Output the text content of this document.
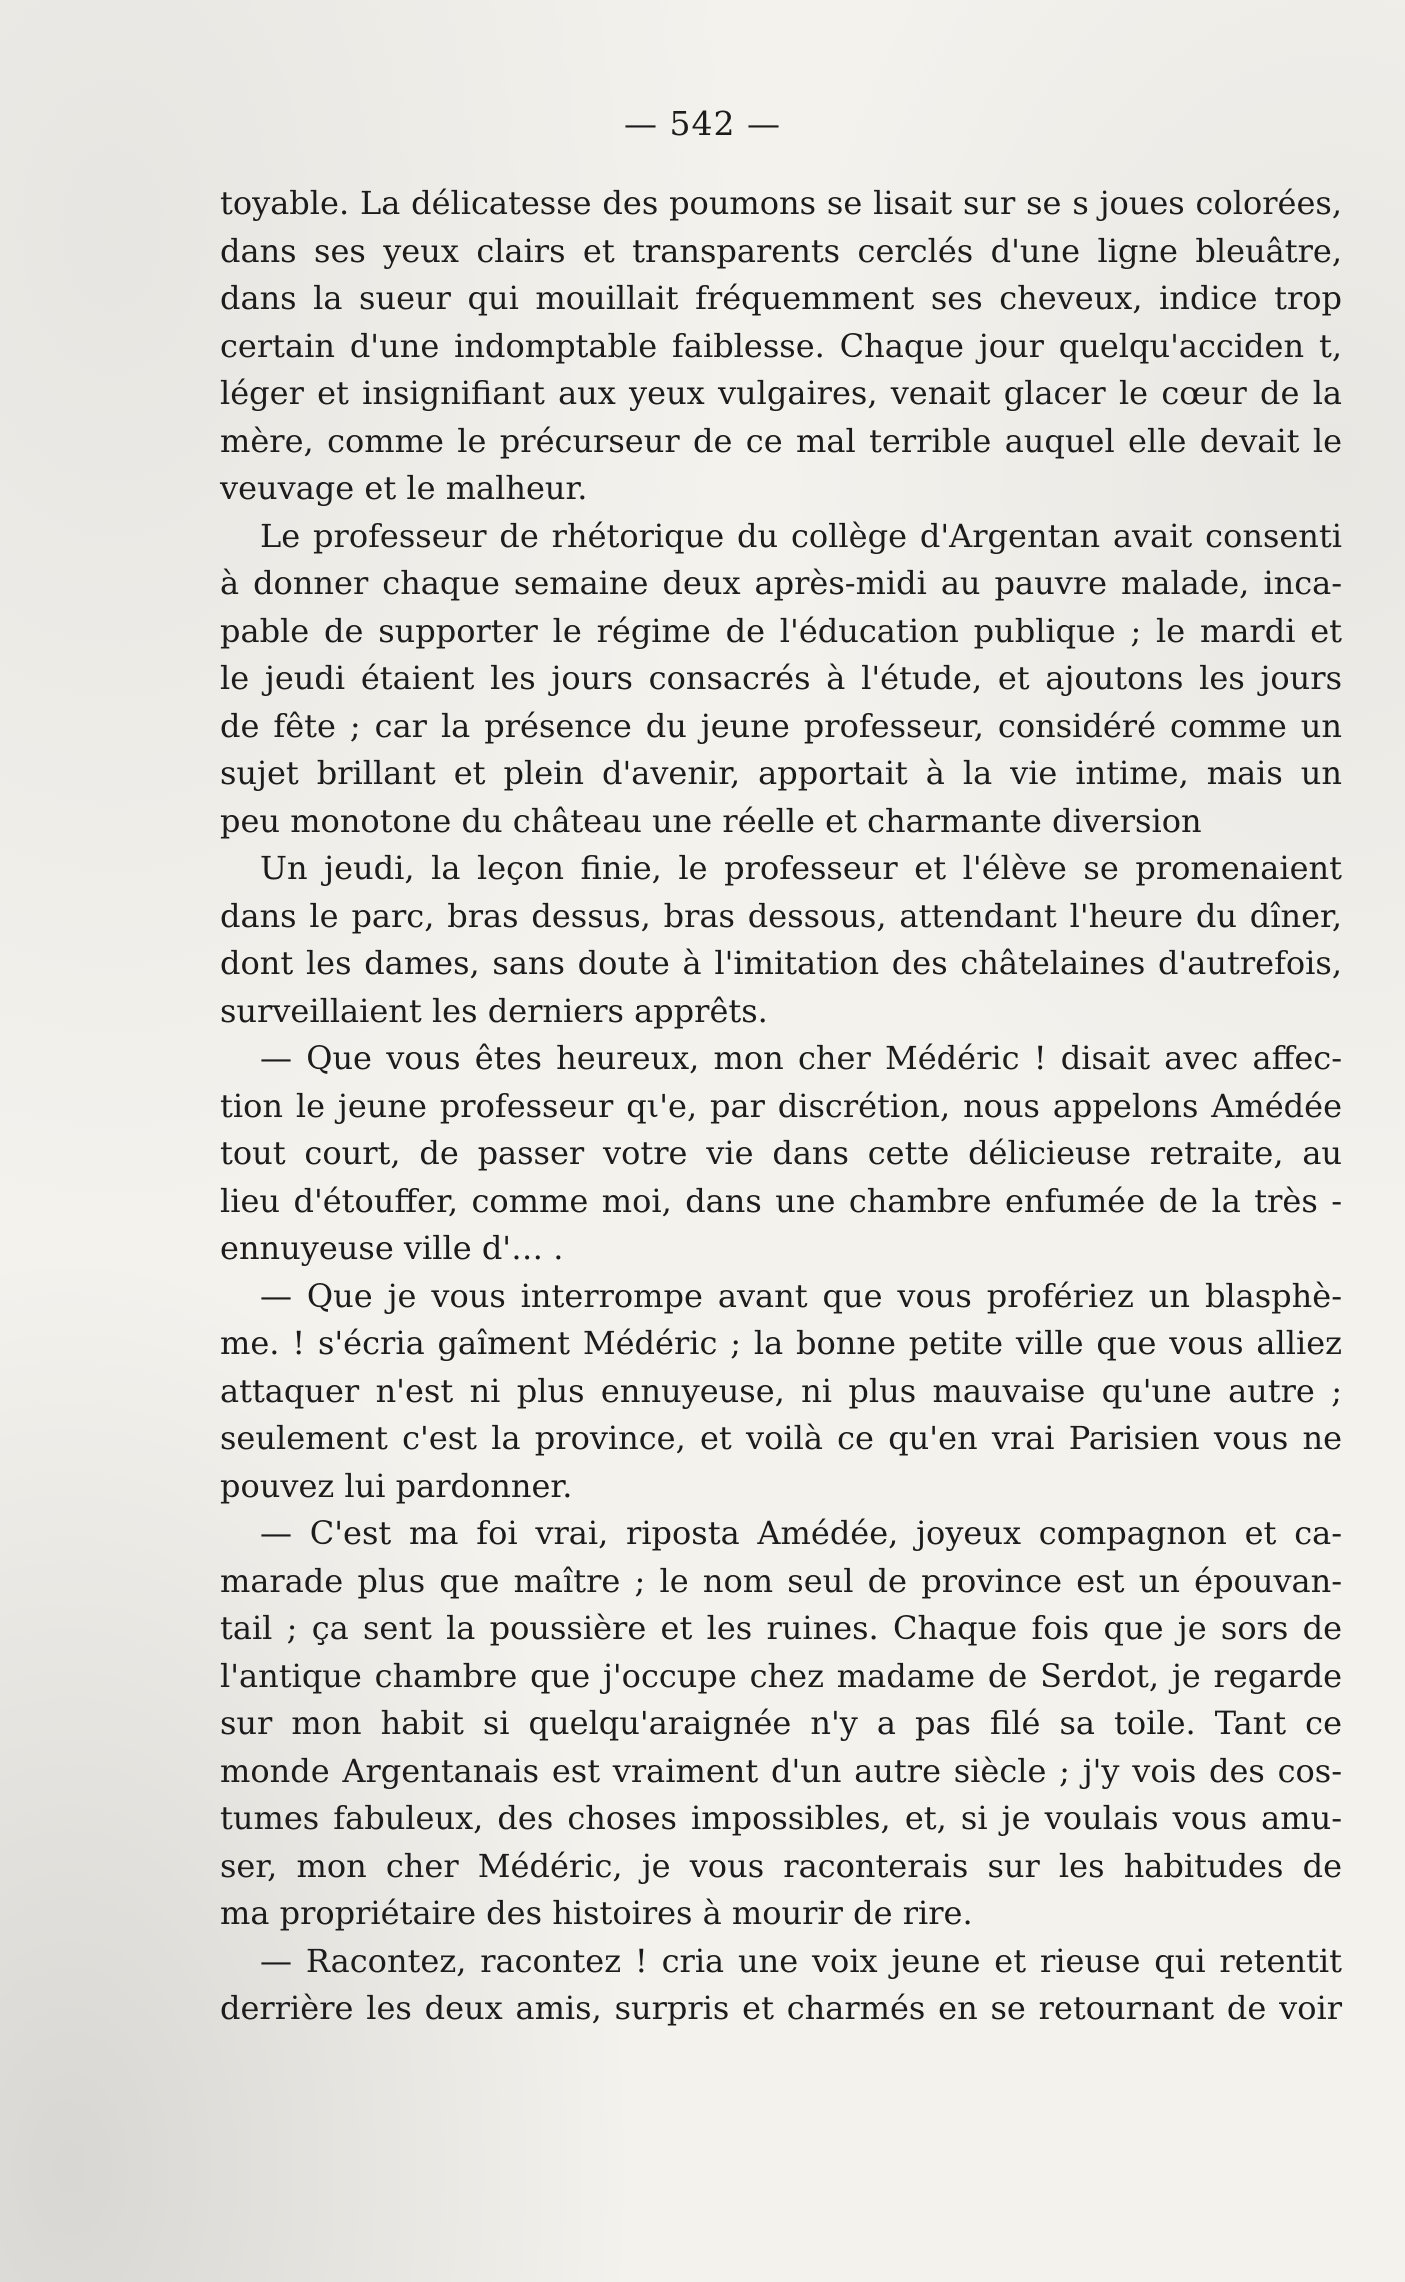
— 542 —
toyable. La délicatesse des poumons se lisait sur se s joues colorées,
dans ses yeux clairs et transparents cerclés d'une ligne bleuâtre,
dans la sueur qui mouillait fréquemment ses cheveux, indice trop
certain d'une indomptable faiblesse. Chaque jour quelqu'acciden t,
léger et insignifiant aux yeux vulgaires, venait glacer le cœur de la
mère, comme le précurseur de ce mal terrible auquel elle devait le
veuvage et le malheur.
Le professeur de rhétorique du collège d'Argentan avait consenti
à donner chaque semaine deux après-midi au pauvre malade, inca-
pable de supporter le régime de l'éducation publique ; le mardi et
le jeudi étaient les jours consacrés à l'étude, et ajoutons les jours
de fête ; car la présence du jeune professeur, considéré comme un
sujet brillant et plein d'avenir, apportait à la vie intime, mais un
peu monotone du château une réelle et charmante diversion
Un jeudi, la leçon finie, le professeur et l'élève se promenaient
dans le parc, bras dessus, bras dessous, attendant l'heure du dîner,
dont les dames, sans doute à l'imitation des châtelaines d'autrefois,
surveillaient les derniers apprêts.
— Que vous êtes heureux, mon cher Médéric ! disait avec affec-
tion le jeune professeur qι'e, par discrétion, nous appelons Amédée
tout court, de passer votre vie dans cette délicieuse retraite, au
lieu d'étouffer, comme moi, dans une chambre enfumée de la très -
ennuyeuse ville d'… .
— Que je vous interrompe avant que vous profériez un blasphè-
me. ! s'écria gaîment Médéric ; la bonne petite ville que vous alliez
attaquer n'est ni plus ennuyeuse, ni plus mauvaise qu'une autre ;
seulement c'est la province, et voilà ce qu'en vrai Parisien vous ne
pouvez lui pardonner.
— C'est ma foi vrai, riposta Amédée, joyeux compagnon et ca-
marade plus que maître ; le nom seul de province est un épouvan-
tail ; ça sent la poussière et les ruines. Chaque fois que je sors de
l'antique chambre que j'occupe chez madame de Serdot, je regarde
sur mon habit si quelqu'araignée n'y a pas filé sa toile. Tant ce
monde Argentanais est vraiment d'un autre siècle ; j'y vois des cos-
tumes fabuleux, des choses impossibles, et, si je voulais vous amu-
ser, mon cher Médéric, je vous raconterais sur les habitudes de
ma propriétaire des histoires à mourir de rire.
— Racontez, racontez ! cria une voix jeune et rieuse qui retentit
derrière les deux amis, surpris et charmés en se retournant de voir
